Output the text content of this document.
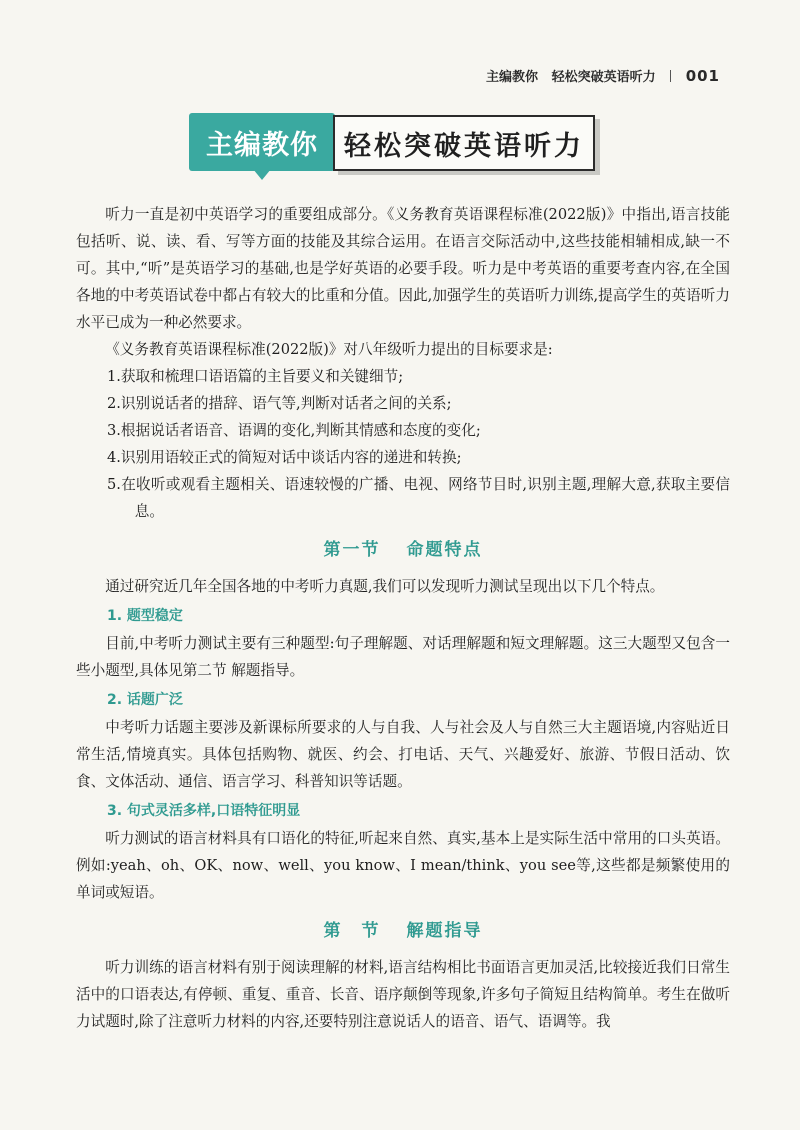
主编教你 轻松突破英语听力 001
主编教你 轻松突破英语听力

听力一直是初中英语学习的重要组成部分。《义务教育英语课程标准(2022版)》中指出,语言技能包括听、说、读、看、写等方面的技能及其综合运用。在语言交际活动中,这些技能相辅相成,缺一不可。其中,“听”是英语学习的基础,也是学好英语的必要手段。听力是中考英语的重要考查内容,在全国各地的中考英语试卷中都占有较大的比重和分值。因此,加强学生的英语听力训练,提高学生的英语听力水平已成为一种必然要求。

《义务教育英语课程标准(2022版)》对八年级听力提出的目标要求是:

1.获取和梳理口语语篇的主旨要义和关键细节;

2.识别说话者的措辞、语气等,判断对话者之间的关系;

3.根据说话者语音、语调的变化,判断其情感和态度的变化;

4.识别用语较正式的简短对话中谈话内容的递进和转换;

5.在收听或观看主题相关、语速较慢的广播、电视、网络节目时,识别主题,理解大意,获取主要信息。

第一节 命题特点

通过研究近几年全国各地的中考听力真题,我们可以发现听力测试呈现出以下几个特点。

1. 题型稳定

目前,中考听力测试主要有三种题型:句子理解题、对话理解题和短文理解题。这三大题型又包含一些小题型,具体见第二节 解题指导。

2. 话题广泛

中考听力话题主要涉及新课标所要求的人与自我、人与社会及人与自然三大主题语境,内容贴近日常生活,情境真实。具体包括购物、就医、约会、打电话、天气、兴趣爱好、旅游、节假日活动、饮食、文体活动、通信、语言学习、科普知识等话题。

3. 句式灵活多样,口语特征明显

听力测试的语言材料具有口语化的特征,听起来自然、真实,基本上是实际生活中常用的口头英语。例如:yeah、oh、OK、now、well、you know、I mean/think、you see等,这些都是频繁使用的单词或短语。

第　节 解题指导

听力训练的语言材料有别于阅读理解的材料,语言结构相比书面语言更加灵活,比较接近我们日常生活中的口语表达,有停顿、重复、重音、长音、语序颠倒等现象,许多句子简短且结构简单。考生在做听力试题时,除了注意听力材料的内容,还要特别注意说话人的语音、语气、语调等。我
